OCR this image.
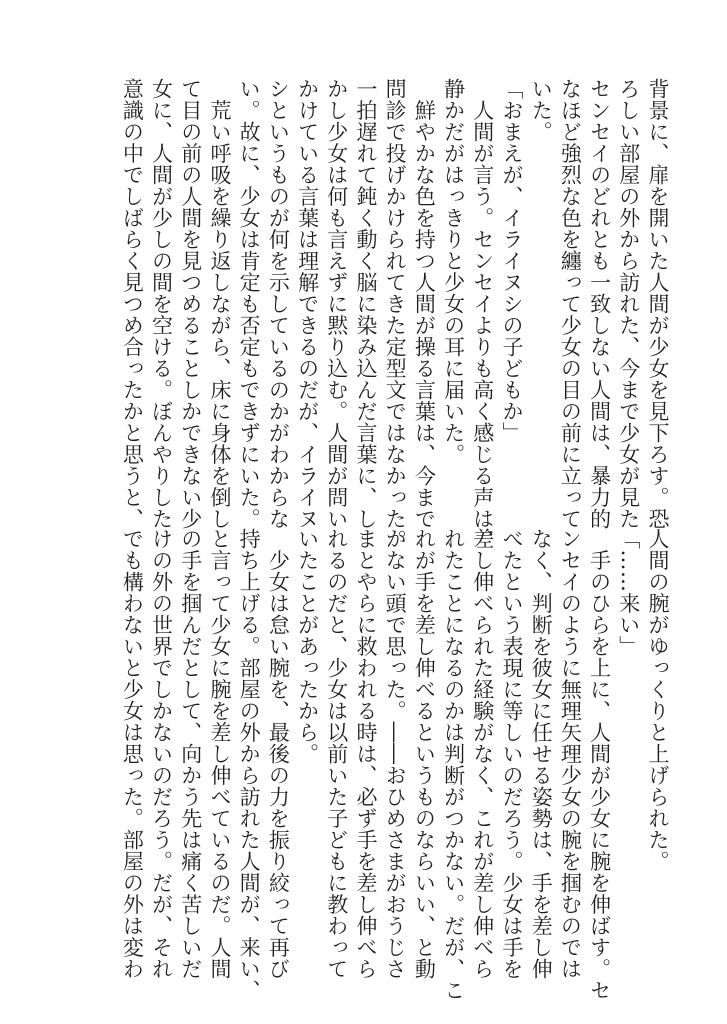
背景に、扉を開いた人間が少女を見下ろす。恐
ろしい部屋の外から訪れた、今まで少女が見た
センセイのどれとも一致しない人間は、暴力的
なほど強烈な色を纏って少女の目の前に立って
いた。
「おまえが、イライヌシの子どもか」
　人間が言う。センセイよりも高く感じる声は、
静かだがはっきりと少女の耳に届いた。
　鮮やかな色を持つ人間が操る言葉は、今まで
問診で投げかけられてきた定型文ではなかった。
一拍遅れて鈍く動く脳に染み込んだ言葉に、し
かし少女は何も言えずに黙り込む。人間が問い
かけている言葉は理解できるのだが、イライヌ
シというものが何を示しているのかがわからな
い。故に、少女は肯定も否定もできずにいた。
　荒い呼吸を繰り返しながら、床に身体を倒し
て目の前の人間を見つめることしかできない少
女に、人間が少しの間を空ける。ぼんやりした
意識の中でしばらく見つめ合ったかと思うと、
人間の腕がゆっくりと上げられた。
「……来い」
　手のひらを上に、人間が少女に腕を伸ばす。セ
ンセイのように無理矢理少女の腕を掴むのでは
なく、判断を彼女に任せる姿勢は、手を差し伸
べたという表現に等しいのだろう。少女は手を
差し伸べられた経験がなく、これが差し伸べら
れたことになるのかは判断がつかない。だが、こ
れが手を差し伸べるというものならいい、と動
かない頭で思った。――おひめさまがおうじさ
まとやらに救われる時は、必ず手を差し伸べら
れるのだと、少女は以前いた子どもに教わって
いたことがあったから。
　少女は怠い腕を、最後の力を振り絞って再び
持ち上げる。部屋の外から訪れた人間が、来い、
と言って少女に腕を差し伸べているのだ。人間
の手を掴んだとして、向かう先は痛く苦しいだ
けの外の世界でしかないのだろう。だが、それ
でも構わないと少女は思った。部屋の外は変わ
